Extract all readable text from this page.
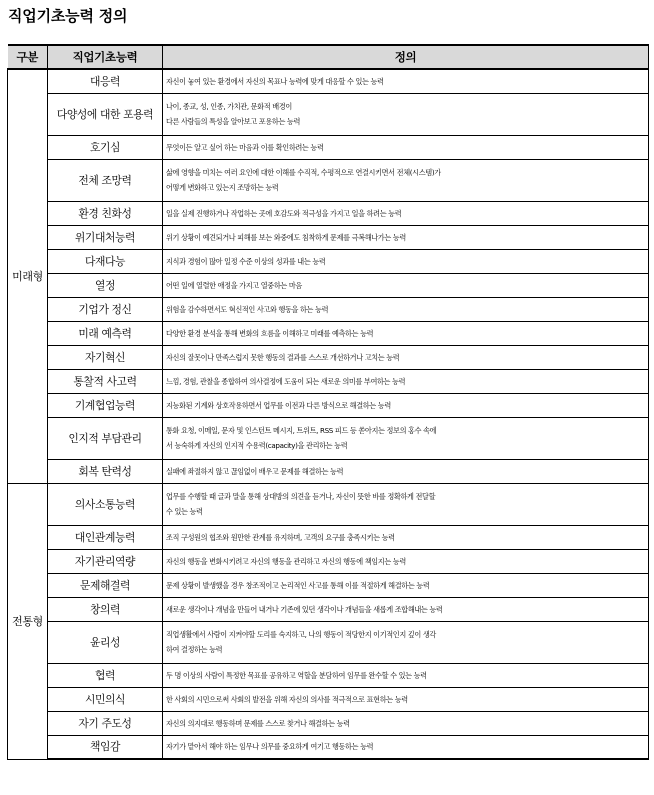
직업기초능력 정의
구분	직업기초능력	정의
미래형	대응력	자신이 놓여 있는 환경에서 자신의 목표나 능력에 맞게 대응할 수 있는 능력

	다양성에 대한 포용력	나이, 종교, 성, 인종, 가치관, 문화적 배경이
다른 사람들의 특성을 알아보고 포용하는 능력

	호기심	무엇이든 알고 싶어 하는 마음과 이를 확인하려는 능력

	전체 조망력	삶에 영향을 미치는 여러 요인에 대한 이해를 수직적, 수평적으로 연결시키면서 전체(시스템)가
어떻게 변화하고 있는지 조망하는 능력

	환경 친화성	일을 실제 진행하거나 작업하는 곳에 호감도와 적극성을 가지고 일을 하려는 능력

	위기대처능력	위기 상황이 예견되거나 피해를 보는 와중에도 침착하게 문제를 극복해나가는 능력

	다재다능	지식과 경험이 많아 일정 수준 이상의 성과를 내는 능력

	열정	어떤 일에 열렬한 애정을 가지고 열중하는 마음

	기업가 정신	위험을 감수하면서도 혁신적인 사고와 행동을 하는 능력

	미래 예측력	다양한 환경 분석을 통해 변화의 흐름을 이해하고 미래를 예측하는 능력

	자기혁신	자신의 잘못이나 만족스럽지 못한 행동의 결과를 스스로 개선하거나 고치는 능력

	통찰적 사고력	느낌, 경험, 관찰을 종합하여 의사결정에 도움이 되는 새로운 의미를 부여하는 능력

	기계협업능력	지능화된 기계와 상호작용하면서 업무를 이전과 다른 방식으로 해결하는 능력

	인지적 부담관리	통화 요청, 이메일, 문자 및 인스턴트 메시지, 트위트, RSS 피드 등 쏟아지는 정보의 홍수 속에
서 능숙하게 자신의 인지적 수용력(capacity)을 관리하는 능력

	회복 탄력성	실패에 좌절하지 않고 끊임없이 배우고 문제를 해결하는 능력

전통형	의사소통능력	업무를 수행할 때 글과 말을 통해 상대방의 의견을 듣거나, 자신이 뜻한 바를 정확하게 전달할
수 있는 능력

	대인관계능력	조직 구성원의 협조와 원만한 관계를 유지하며, 고객의 요구를 충족시키는 능력

	자기관리역량	자신의 행동을 변화시키려고 자신의 행동을 관리하고 자신의 행동에 책임지는 능력

	문제해결력	문제 상황이 발생했을 경우 창조적이고 논리적인 사고를 통해 이를 적절하게 해결하는 능력

	창의력	새로운 생각이나 개념을 만들어 내거나 기존에 있던 생각이나 개념들을 새롭게 조합해내는 능력

	윤리성	직업생활에서 사람이 지켜야할 도리를 숙지하고, 나의 행동이 적당한지 이기적인지 깊이 생각
하여 결정하는 능력

	협력	두 명 이상의 사람이 특정한 목표를 공유하고 역할을 분담하여 임무를 완수할 수 있는 능력

	시민의식	한 사회의 시민으로써 사회의 발전을 위해 자신의 의사를 적극적으로 표현하는 능력

	자기 주도성	자신의 의지대로 행동하며 문제를 스스로 찾거나 해결하는 능력

	책임감	자기가 맡아서 해야 하는 임무나 의무를 중요하게 여기고 행동하는 능력
